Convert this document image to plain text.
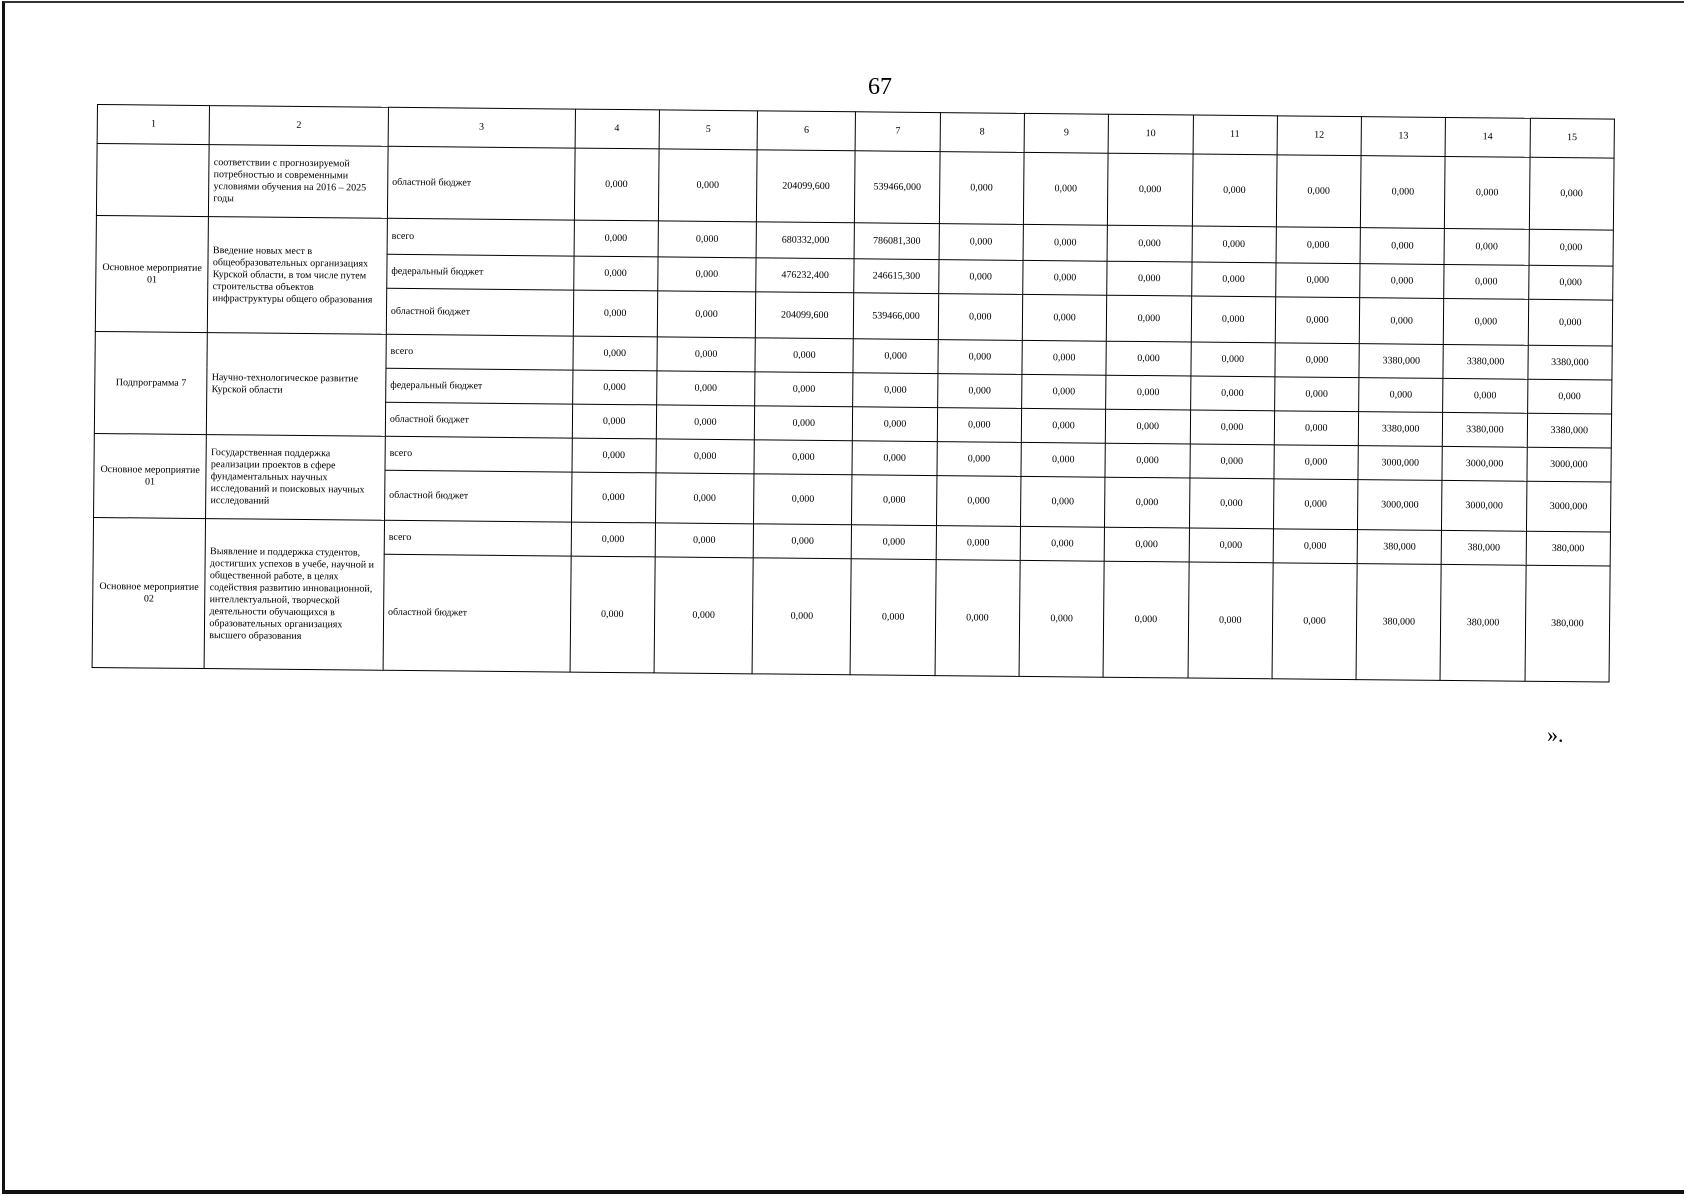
67
1	2	3	4	5	6	7	8	9	10	11	12	13	14	15
	соответствии с прогнозируемой потребностью и современными условиями обучения на 2016 – 2025 годы	областной бюджет	0,000	0,000	204099,600	539466,000	0,000	0,000	0,000	0,000	0,000	0,000	0,000	0,000
Основное мероприятие 01	Введение новых мест в общеобразовательных организациях Курской области, в том числе путем строительства объектов инфраструктуры общего образования	всего	0,000	0,000	680332,000	786081,300	0,000	0,000	0,000	0,000	0,000	0,000	0,000	0,000
		федеральный бюджет	0,000	0,000	476232,400	246615,300	0,000	0,000	0,000	0,000	0,000	0,000	0,000	0,000
		областной бюджет	0,000	0,000	204099,600	539466,000	0,000	0,000	0,000	0,000	0,000	0,000	0,000	0,000
Подпрограмма 7	Научно-технологическое развитие Курской области	всего	0,000	0,000	0,000	0,000	0,000	0,000	0,000	0,000	0,000	3380,000	3380,000	3380,000
		федеральный бюджет	0,000	0,000	0,000	0,000	0,000	0,000	0,000	0,000	0,000	0,000	0,000	0,000
		областной бюджет	0,000	0,000	0,000	0,000	0,000	0,000	0,000	0,000	0,000	3380,000	3380,000	3380,000
Основное мероприятие 01	Государственная поддержка реализации проектов в сфере фундаментальных научных исследований и поисковых научных исследований	всего	0,000	0,000	0,000	0,000	0,000	0,000	0,000	0,000	0,000	3000,000	3000,000	3000,000
		областной бюджет	0,000	0,000	0,000	0,000	0,000	0,000	0,000	0,000	0,000	3000,000	3000,000	3000,000
Основное мероприятие 02	Выявление и поддержка студентов, достигших успехов в учебе, научной и общественной работе, в целях содействия развитию инновационной, интеллектуальной, творческой деятельности обучающихся в образовательных организациях высшего образования	всего	0,000	0,000	0,000	0,000	0,000	0,000	0,000	0,000	0,000	380,000	380,000	380,000
		областной бюджет	0,000	0,000	0,000	0,000	0,000	0,000	0,000	0,000	0,000	380,000	380,000	380,000
».
